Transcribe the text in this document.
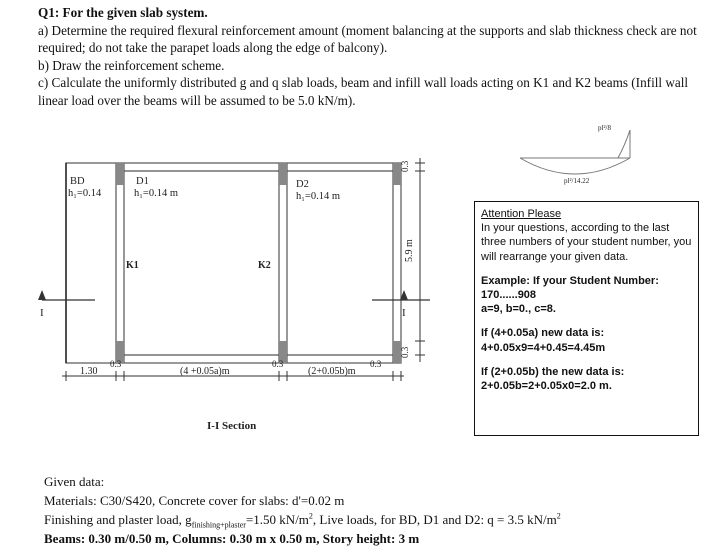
Q1: For the given slab system.

a) Determine the required flexural reinforcement amount (moment balancing at the supports and slab thickness check are not required; do not take the parapet loads along the edge of balcony).

b) Draw the reinforcement scheme.

c) Calculate the uniformly distributed g and q slab loads, beam and infill wall loads acting on K1 and K2 beams (Infill wall linear load over the beams will be assumed to be 5.0 kN/m).

BD
h₁=0.14
D1
h₁=0.14 m
D2
h₁=0.14 m
K1	K2
I	I
0.3
5.9 m
0.3
1.30
0.3
(4 +0.05a)m
0.3
(2+0.05b)m
0.3
I-I Section
pl²/8
pl²/14.22

Attention Please

In your questions, according to the last three numbers of your student number, you will rearrange your given data.

Example: If your Student Number:

170......908

a=9, b=0., c=8.

If (4+0.05a) new data is:

4+0.05x9=4+0.45=4.45m

If (2+0.05b) the new data is:

2+0.05b=2+0.05x0=2.0 m.

Given data:

Materials: C30/S420, Concrete cover for slabs: d'=0.02 m

Finishing and plaster load, $g_{finishing+plaster}=1.50$ $kN/m^2$, Live loads, for BD, D1 and D2: q = 3.5 $kN/m^2$

Beams: 0.30 m/0.50 m, Columns: 0.30 m x 0.50 m, Story height: 3 m
